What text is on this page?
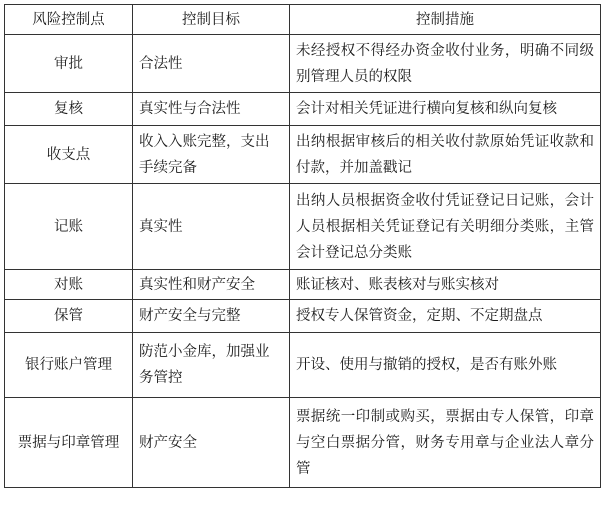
风险控制点	控制目标	控制措施
审批	合法性	未经授权不得经办资金收付业务，明确不同级别管理人员的权限
复核	真实性与合法性	会计对相关凭证进行横向复核和纵向复核
收支点	收入入账完整，支出手续完备	出纳根据审核后的相关收付款原始凭证收款和付款，并加盖戳记
记账	真实性	出纳人员根据资金收付凭证登记日记账，会计人员根据相关凭证登记有关明细分类账，主管会计登记总分类账
对账	真实性和财产安全	账证核对、账表核对与账实核对
保管	财产安全与完整	授权专人保管资金，定期、不定期盘点
银行账户管理	防范小金库，加强业务管控	开设、使用与撤销的授权，是否有账外账
票据与印章管理	财产安全	票据统一印制或购买，票据由专人保管，印章与空白票据分管，财务专用章与企业法人章分管
